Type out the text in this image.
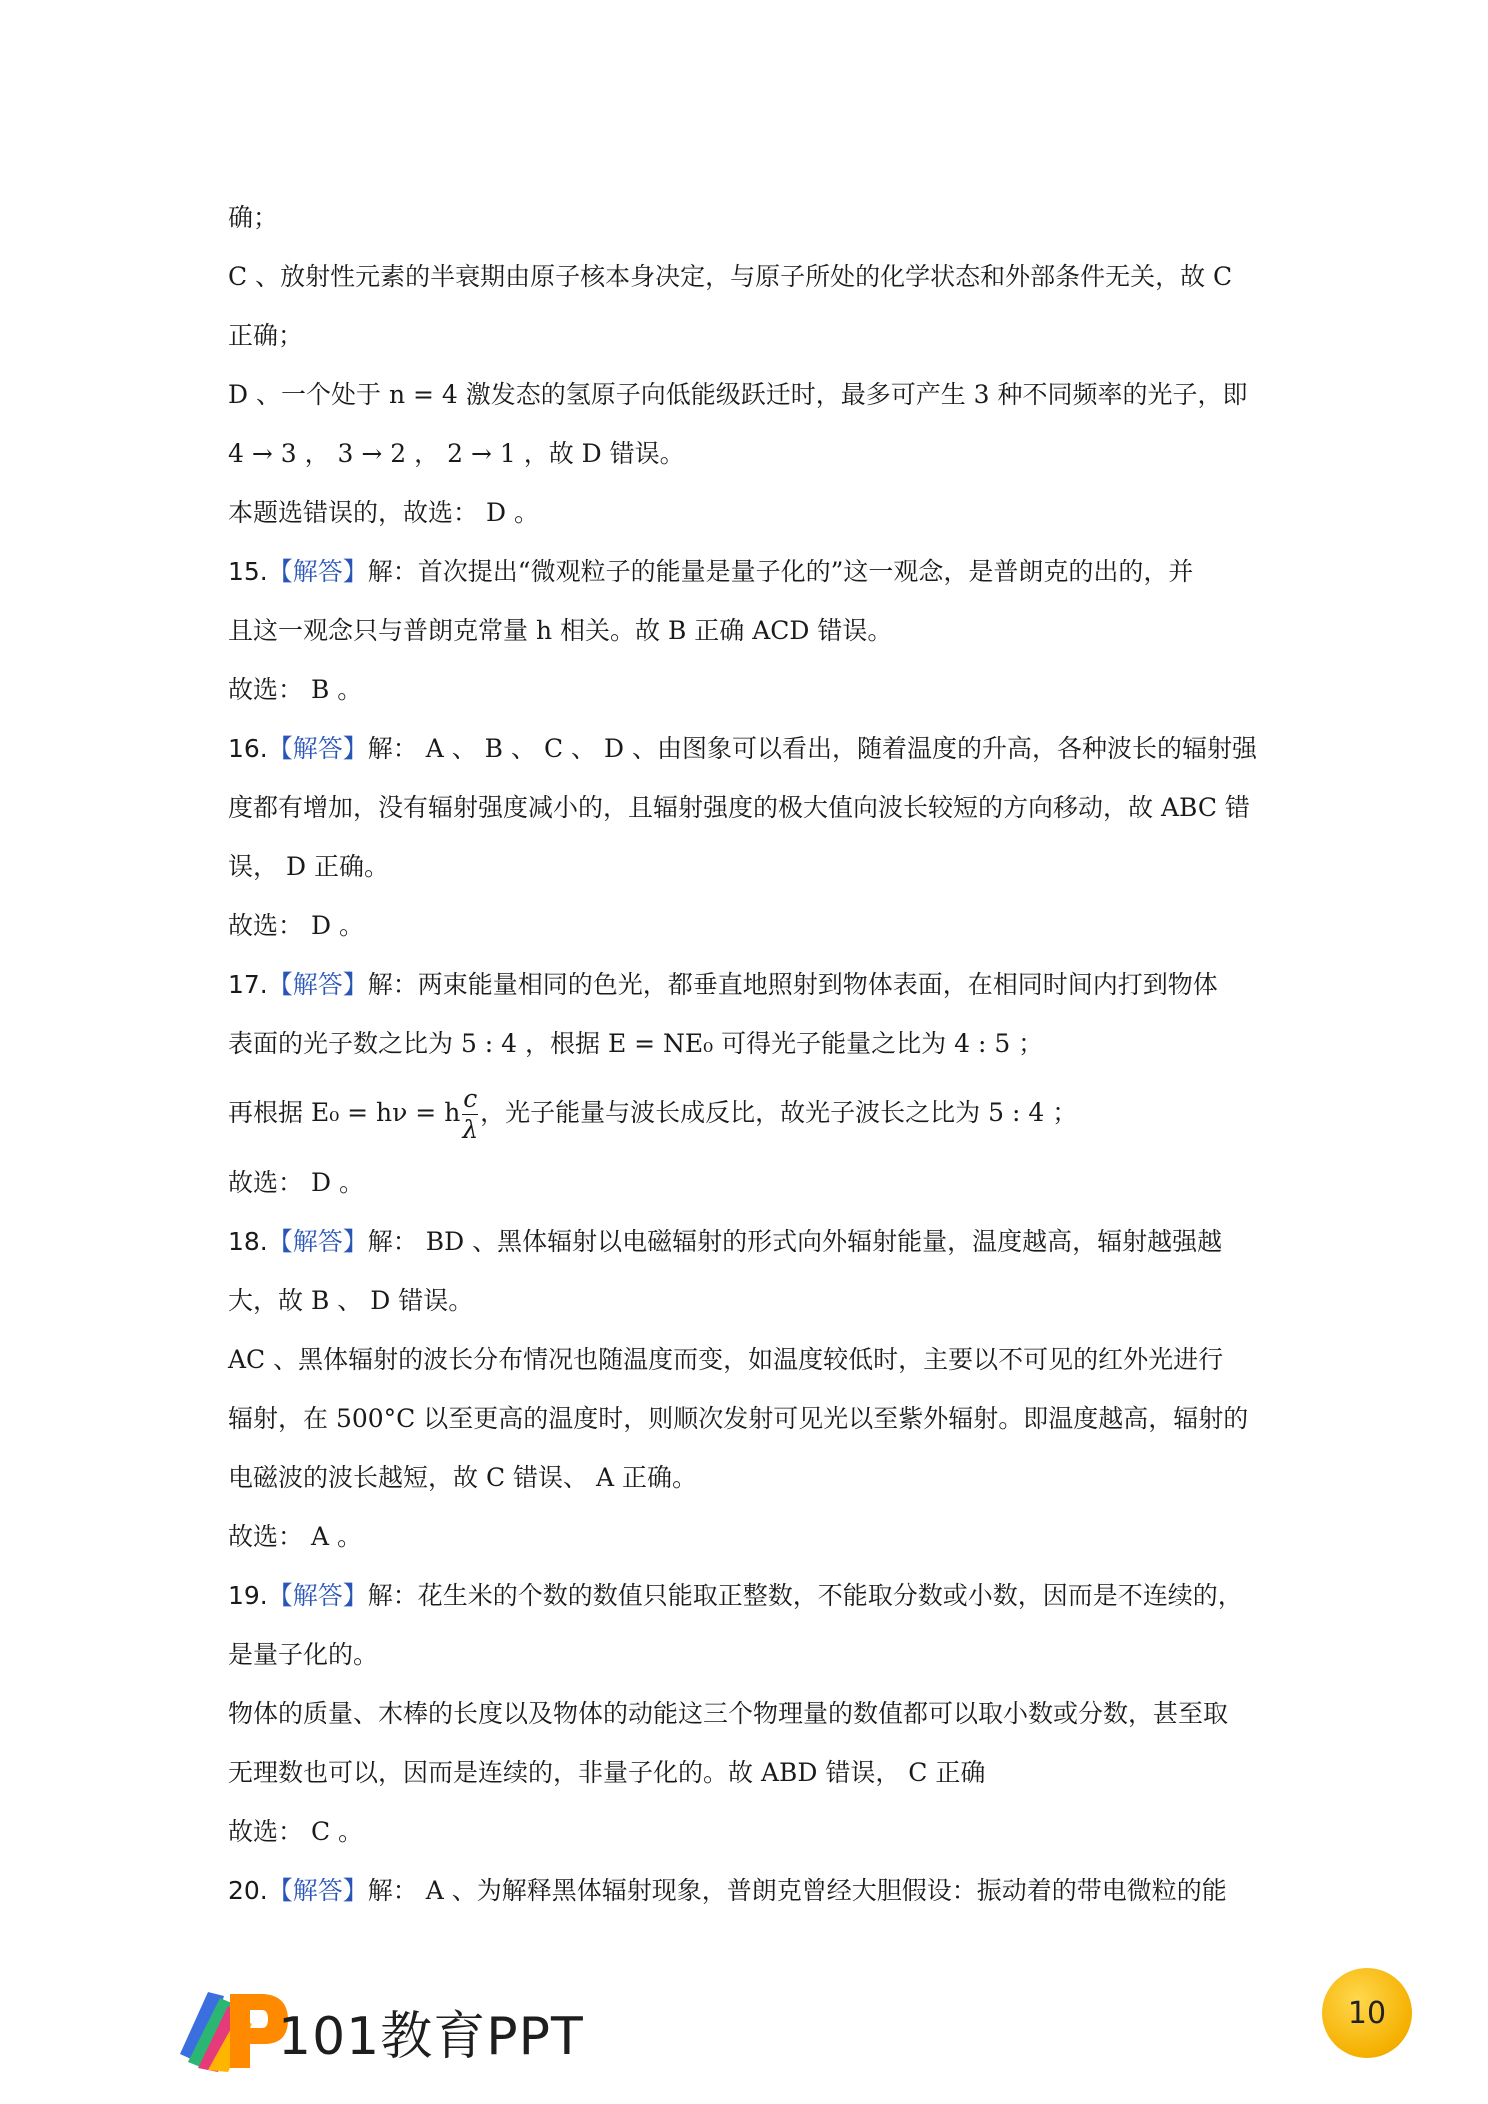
确；
C 、放射性元素的半衰期由原子核本身决定，与原子所处的化学状态和外部条件无关，故 C
正确；
D 、一个处于 n = 4 激发态的氢原子向低能级跃迁时，最多可产生 3 种不同频率的光子，即
4 → 3 ， 3 → 2 ， 2 → 1 ，故 D 错误。
本题选错误的，故选： D 。
15.【解答】解：首次提出“微观粒子的能量是量子化的”这一观念，是普朗克的出的，并
且这一观念只与普朗克常量 h 相关。故 B 正确 ACD 错误。
故选： B 。
16.【解答】解： A 、 B 、 C 、 D 、由图象可以看出，随着温度的升高，各种波长的辐射强
度都有增加，没有辐射强度减小的，且辐射强度的极大值向波长较短的方向移动，故 ABC 错
误， D 正确。
故选： D 。
17.【解答】解：两束能量相同的色光，都垂直地照射到物体表面，在相同时间内打到物体
表面的光子数之比为 5 : 4 ，根据 E = NE₀ 可得光子能量之比为 4 : 5 ；
再根据 E₀ = hν = h $\frac{c}{\lambda}$ ，光子能量与波长成反比，故光子波长之比为 5 : 4 ；
故选： D 。
18.【解答】解： BD 、黑体辐射以电磁辐射的形式向外辐射能量，温度越高，辐射越强越
大，故 B 、 D 错误。
AC 、黑体辐射的波长分布情况也随温度而变，如温度较低时，主要以不可见的红外光进行
辐射，在 500°C 以至更高的温度时，则顺次发射可见光以至紫外辐射。即温度越高，辐射的
电磁波的波长越短，故 C 错误、 A 正确。
故选： A 。
19.【解答】解：花生米的个数的数值只能取正整数，不能取分数或小数，因而是不连续的，
是量子化的。
物体的质量、木棒的长度以及物体的动能这三个物理量的数值都可以取小数或分数，甚至取
无理数也可以，因而是连续的，非量子化的。故 ABD 错误， C 正确
故选： C 。
20.【解答】解： A 、为解释黑体辐射现象，普朗克曾经大胆假设：振动着的带电微粒的能
101教育PPT	10
